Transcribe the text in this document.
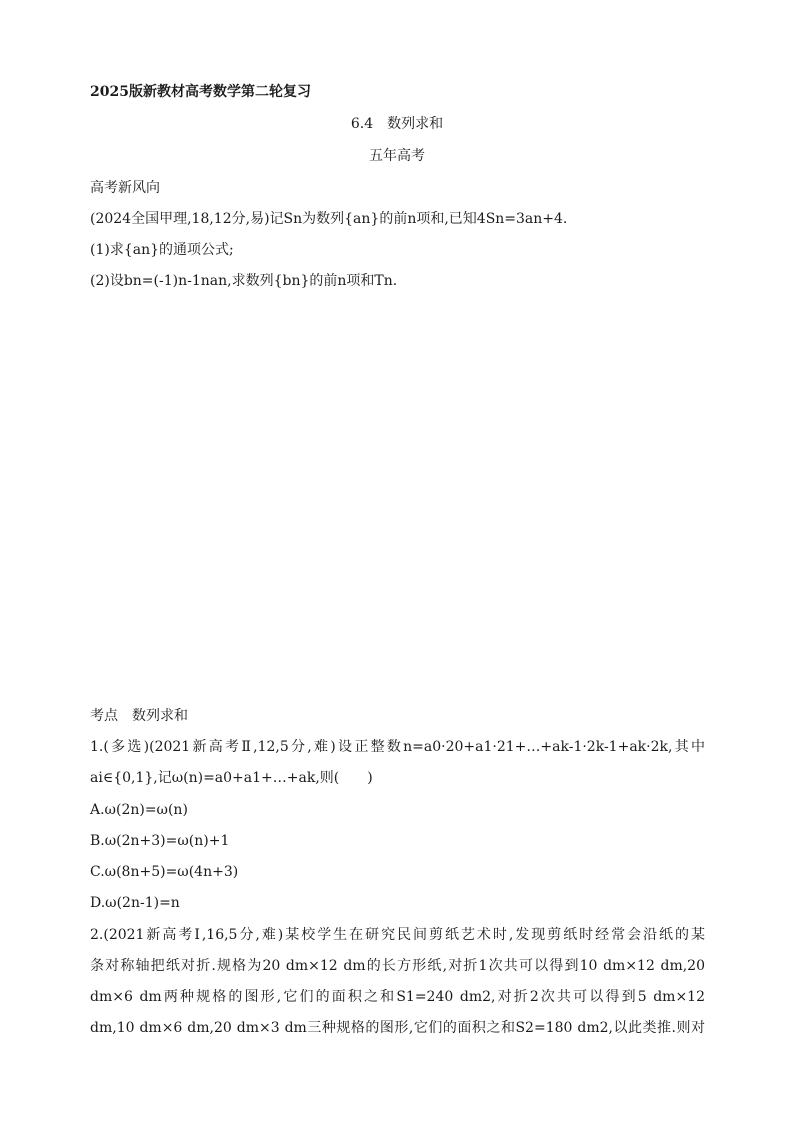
2025版新教材高考数学第二轮复习
6.4　数列求和
五年高考
高考新风向
(2024全国甲理,18,12分,易)记Sn为数列{an}的前n项和,已知4Sn=3an+4.
(1)求{an}的通项公式;
(2)设bn=(-1)n-1nan,求数列{bn}的前n项和Tn.
考点　数列求和
1.(多选)(2021新高考Ⅱ,12,5分,难)设正整数n=a0·20+a1·21+…+ak-1·2k-1+ak·2k,其中
ai∈{0,1},记ω(n)=a0+a1+…+ak,则(　　)
A.ω(2n)=ω(n)
B.ω(2n+3)=ω(n)+1
C.ω(8n+5)=ω(4n+3)
D.ω(2n-1)=n
2.(2021新高考Ⅰ,16,5分,难)某校学生在研究民间剪纸艺术时,发现剪纸时经常会沿纸的某
条对称轴把纸对折.规格为20 dm×12 dm的长方形纸,对折1次共可以得到10 dm×12 dm,20
dm×6 dm两种规格的图形,它们的面积之和S1=240 dm2,对折2次共可以得到5 dm×12
dm,10 dm×6 dm,20 dm×3 dm三种规格的图形,它们的面积之和S2=180 dm2,以此类推.则对
